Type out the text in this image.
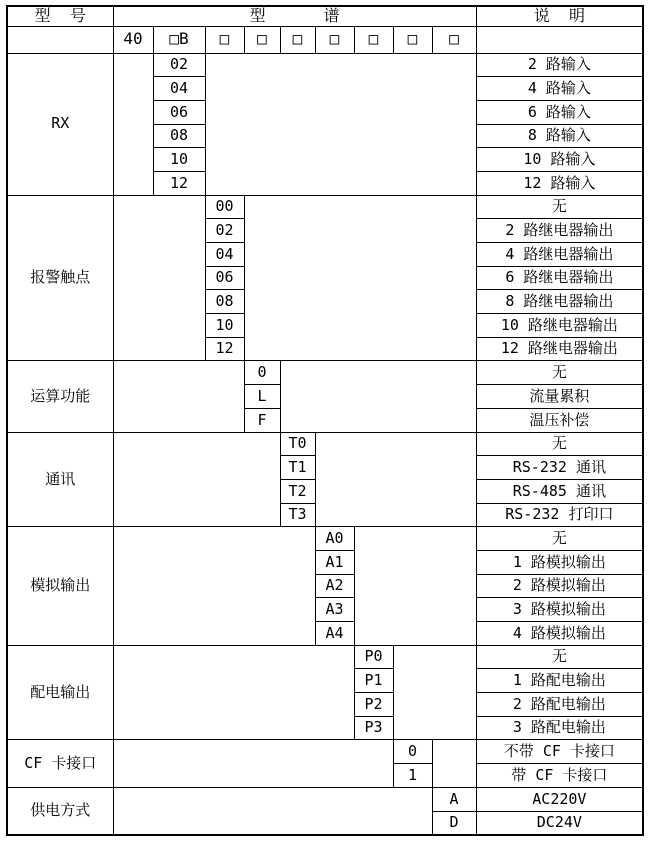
型  号	型      谱									说  明
	40	□B	□	□	□	□	□	□	□	
RX		02								2 路输入
		04								4 路输入
		06								6 路输入
		08								8 路输入
		10								10 路输入
		12								12 路输入
报警触点			00							无
			02							2 路继电器输出
			04							4 路继电器输出
			06							6 路继电器输出
			08							8 路继电器输出
			10							10 路继电器输出
			12							12 路继电器输出
运算功能				0						无
				L						流量累积
				F						温压补偿
通讯					T0					无
					T1					RS-232 通讯
					T2					RS-485 通讯
					T3					RS-232 打印口
模拟输出						A0				无
						A1				1 路模拟输出
						A2				2 路模拟输出
						A3				3 路模拟输出
						A4				4 路模拟输出
配电输出							P0			无
							P1			1 路配电输出
							P2			2 路配电输出
							P3			3 路配电输出
CF 卡接口								0		不带 CF 卡接口
								1		带 CF 卡接口
供电方式									A	AC220V
									D	DC24V
